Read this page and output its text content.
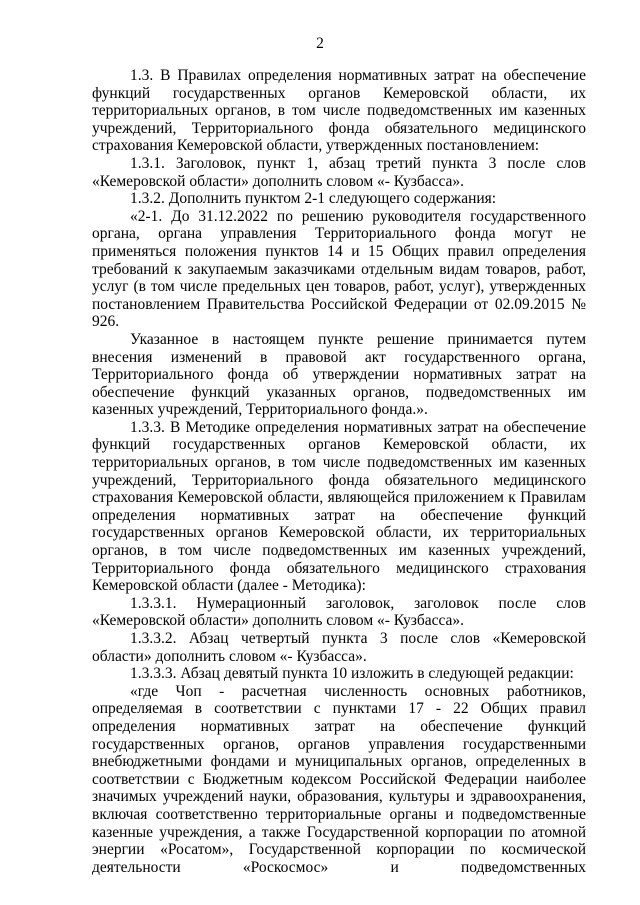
2

1.3. В Правилах определения нормативных затрат на обеспечение функций государственных органов Кемеровской области, их территориальных органов, в том числе подведомственных им казенных учреждений, Территориального фонда обязательного медицинского страхования Кемеровской области, утвержденных постановлением:

1.3.1. Заголовок, пункт 1, абзац третий пункта 3 после слов «Кемеровской области» дополнить словом «- Кузбасса».

1.3.2. Дополнить пунктом 2-1 следующего содержания:

«2-1. До 31.12.2022 по решению руководителя государственного органа, органа управления Территориального фонда могут не применяться положения пунктов 14 и 15 Общих правил определения требований к закупаемым заказчиками отдельным видам товаров, работ, услуг (в том числе предельных цен товаров, работ, услуг), утвержденных постановлением Правительства Российской Федерации от 02.09.2015 № 926.

Указанное в настоящем пункте решение принимается путем внесения изменений в правовой акт государственного органа, Территориального фонда об утверждении нормативных затрат на обеспечение функций указанных органов, подведомственных им казенных учреждений, Территориального фонда.».

1.3.3. В Методике определения нормативных затрат на обеспечение функций государственных органов Кемеровской области, их территориальных органов, в том числе подведомственных им казенных учреждений, Территориального фонда обязательного медицинского страхования Кемеровской области, являющейся приложением к Правилам определения нормативных затрат на обеспечение функций государственных органов Кемеровской области, их территориальных органов, в том числе подведомственных им казенных учреждений, Территориального фонда обязательного медицинского страхования Кемеровской области (далее - Методика):

1.3.3.1. Нумерационный заголовок, заголовок после слов «Кемеровской области» дополнить словом «- Кузбасса».

1.3.3.2. Абзац четвертый пункта 3 после слов «Кемеровской области» дополнить словом «- Кузбасса».

1.3.3.3. Абзац девятый пункта 10 изложить в следующей редакции:

«где Чоп - расчетная численность основных работников, определяемая в соответствии с пунктами 17 - 22 Общих правил определения нормативных затрат на обеспечение функций государственных органов, органов управления государственными внебюджетными фондами и муниципальных органов, определенных в соответствии с Бюджетным кодексом Российской Федерации наиболее значимых учреждений науки, образования, культуры и здравоохранения, включая соответственно территориальные органы и подведомственные казенные учреждения, а также Государственной корпорации по атомной энергии «Росатом», Государственной корпорации по космической деятельности «Роскосмос» и подведомственных
